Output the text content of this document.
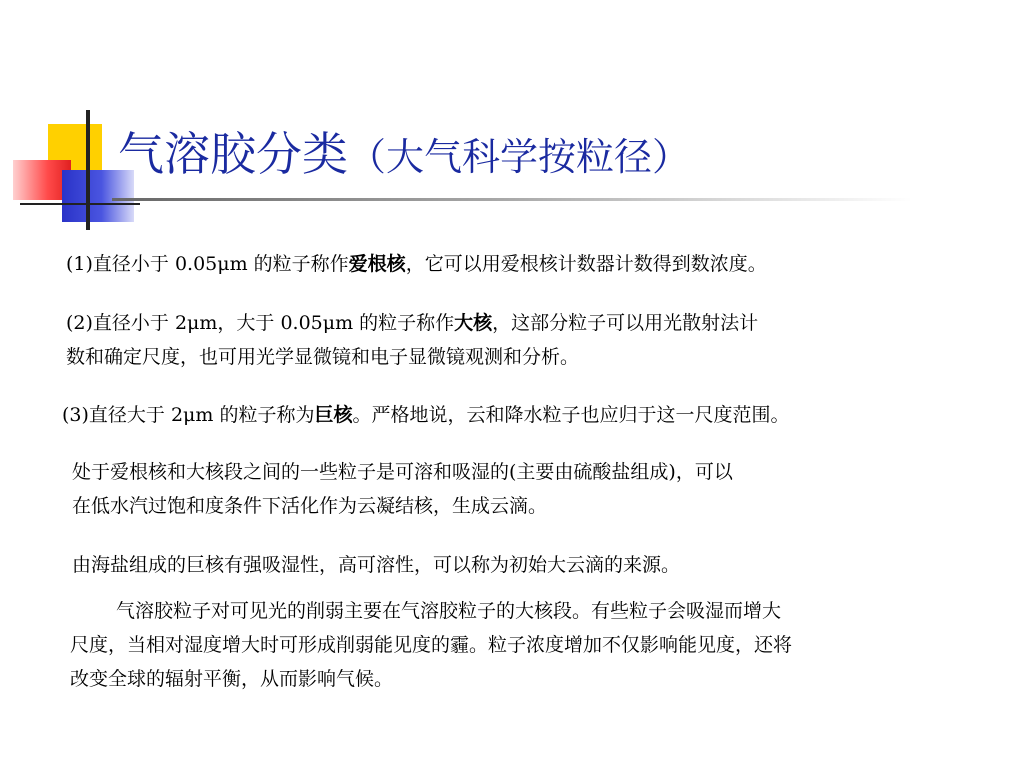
气溶胶分类（大气科学按粒径）

(1)直径小于 0.05μm 的粒子称作爱根核，它可以用爱根核计数器计数得到数浓度。

(2)直径小于 2μm，大于 0.05μm 的粒子称作大核，这部分粒子可以用光散射法计
数和确定尺度，也可用光学显微镜和电子显微镜观测和分析。

(3)直径大于 2μm 的粒子称为巨核。严格地说，云和降水粒子也应归于这一尺度范围。

处于爱根核和大核段之间的一些粒子是可溶和吸湿的(主要由硫酸盐组成)，可以
在低水汽过饱和度条件下活化作为云凝结核，生成云滴。

由海盐组成的巨核有强吸湿性，高可溶性，可以称为初始大云滴的来源。

气溶胶粒子对可见光的削弱主要在气溶胶粒子的大核段。有些粒子会吸湿而增大
尺度，当相对湿度增大时可形成削弱能见度的霾。粒子浓度增加不仅影响能见度，还将
改变全球的辐射平衡，从而影响气候。
